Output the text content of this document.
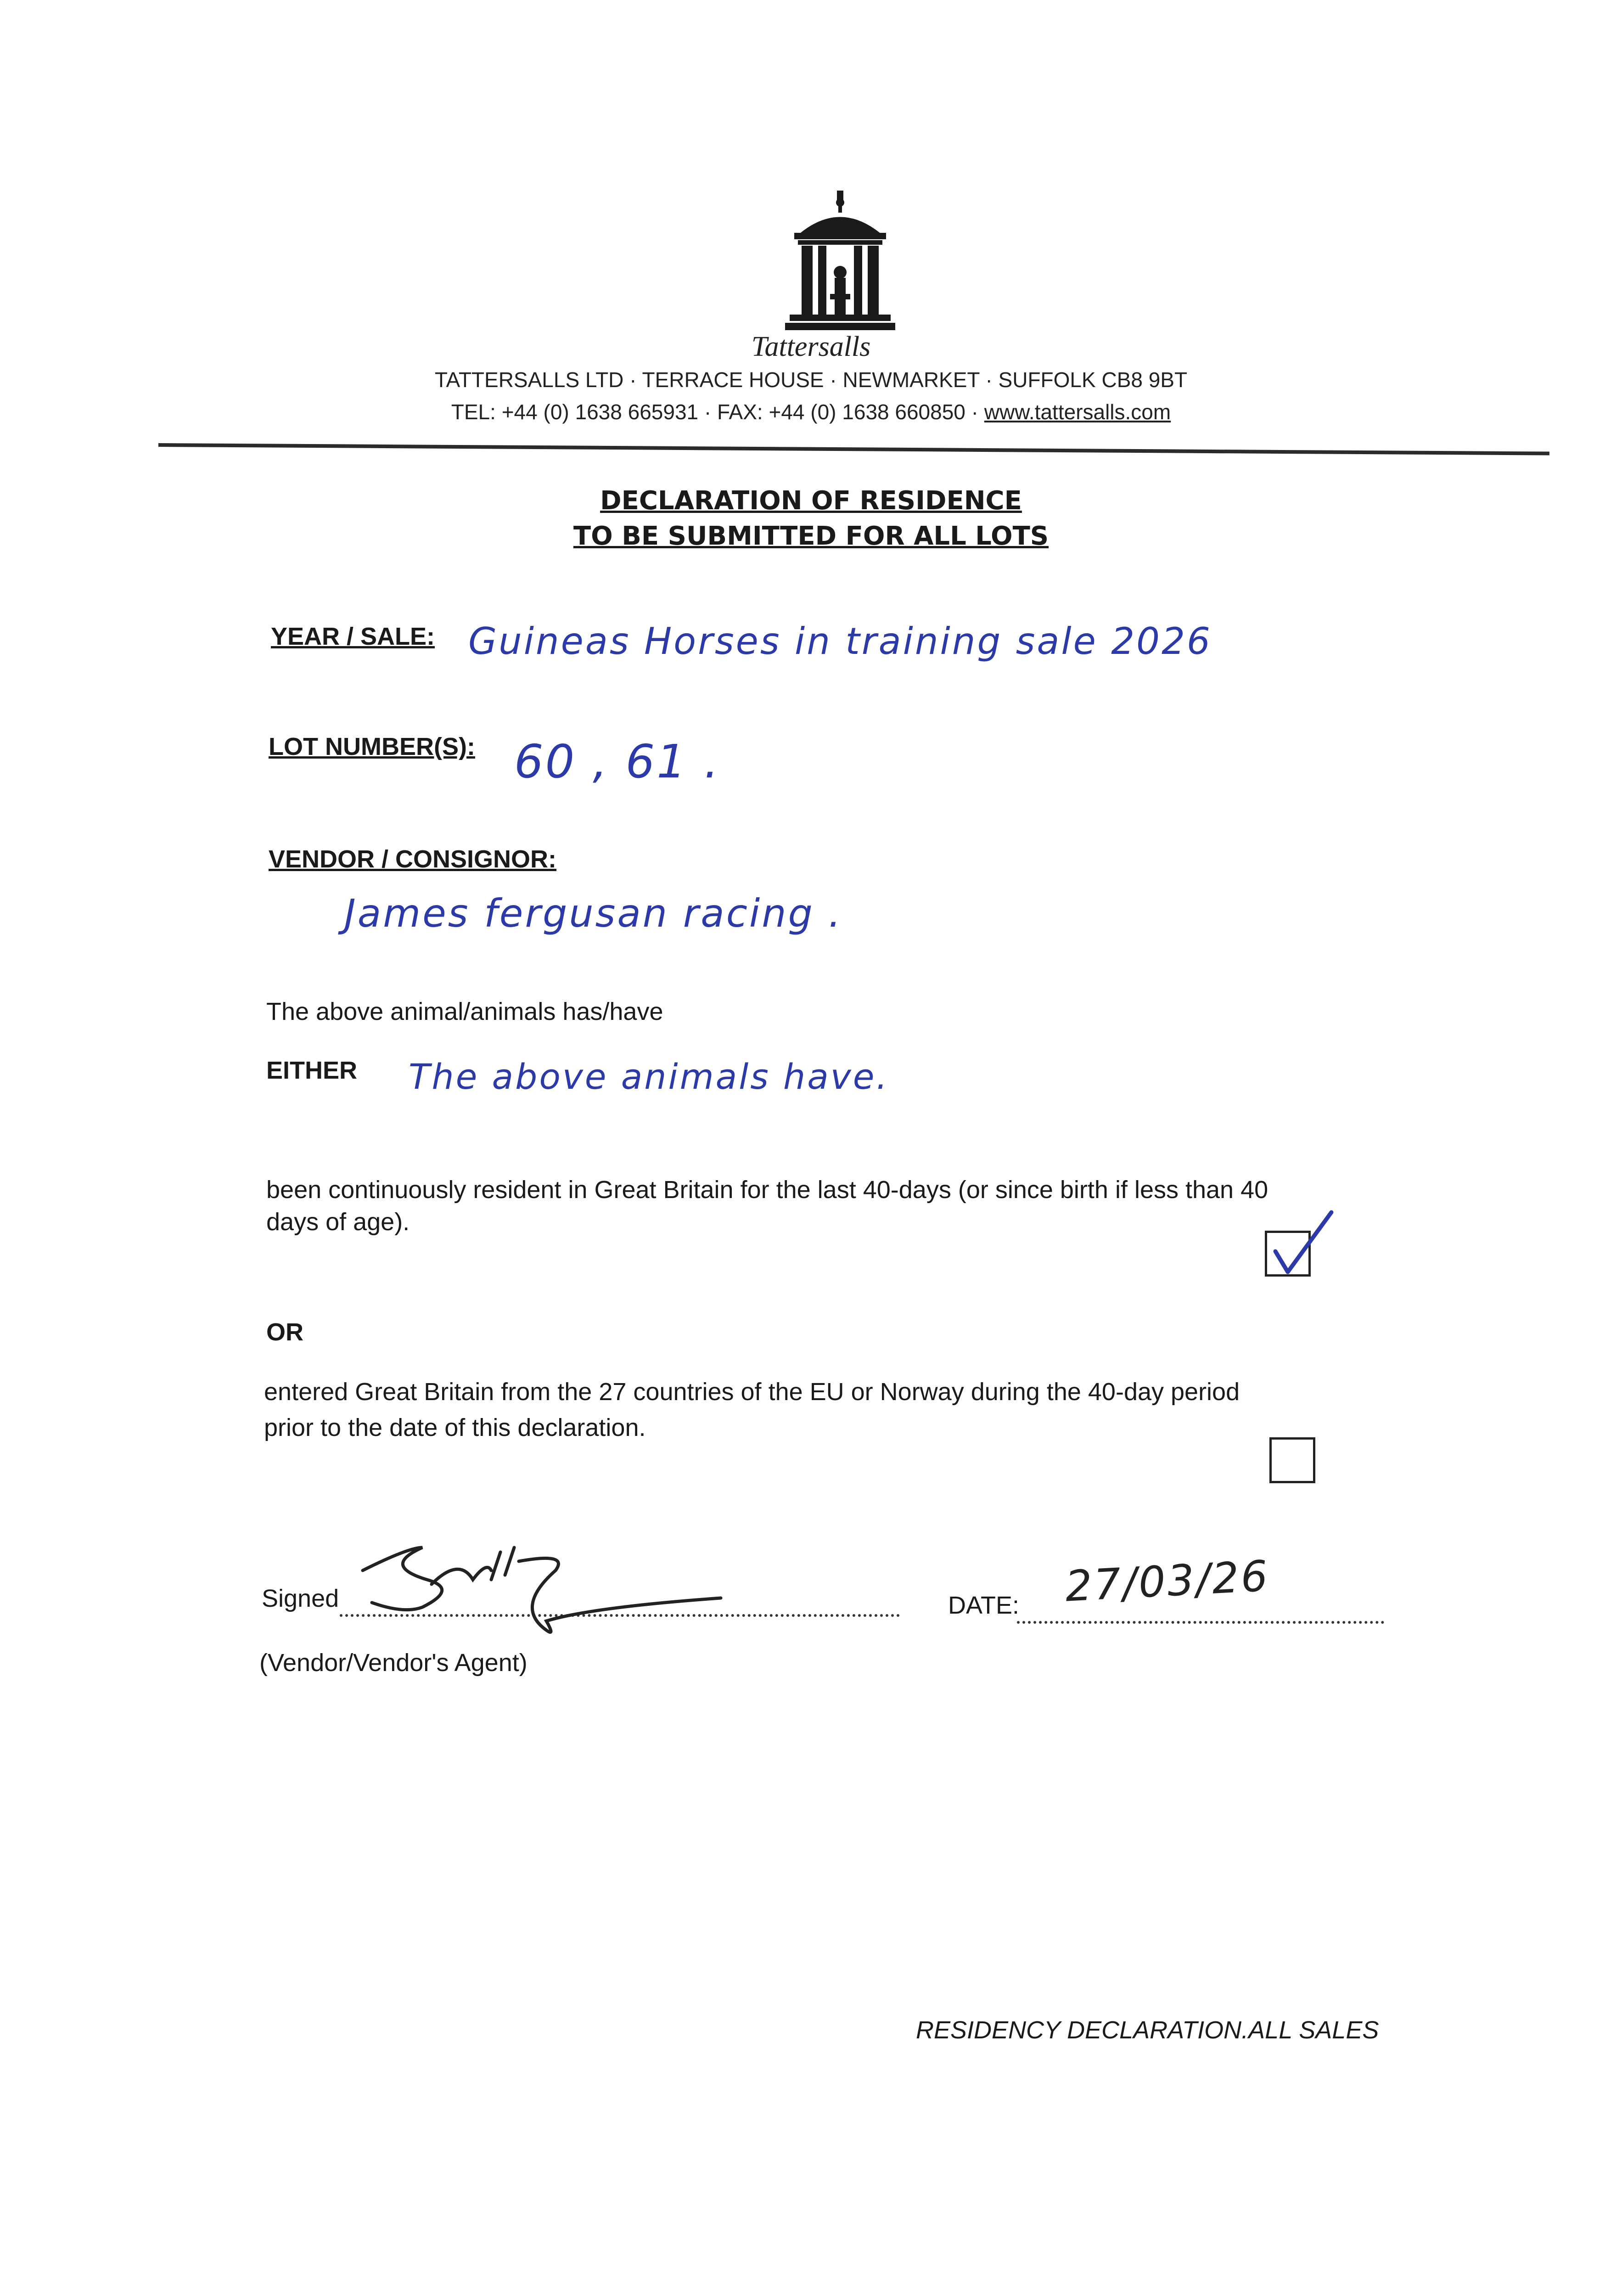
Tattersalls
TATTERSALLS LTD · TERRACE HOUSE · NEWMARKET · SUFFOLK CB8 9BT
TEL: +44 (0) 1638 665931 · FAX: +44 (0) 1638 660850 · www.tattersalls.com
DECLARATION OF RESIDENCE
TO BE SUBMITTED FOR ALL LOTS
YEAR / SALE: Guineas Horses in training sale 2026
LOT NUMBER(S): 60 , 61 .
VENDOR / CONSIGNOR:
James fergusan racing .
The above animal/animals has/have
EITHER The above animals have.
been continuously resident in Great Britain for the last 40-days (or since birth if less than 40
days of age).
OR
entered Great Britain from the 27 countries of the EU or Norway during the 40-day period
prior to the date of this declaration.
Signed
(Vendor/Vendor's Agent)
DATE: 27/03/26
RESIDENCY DECLARATION.ALL SALES
